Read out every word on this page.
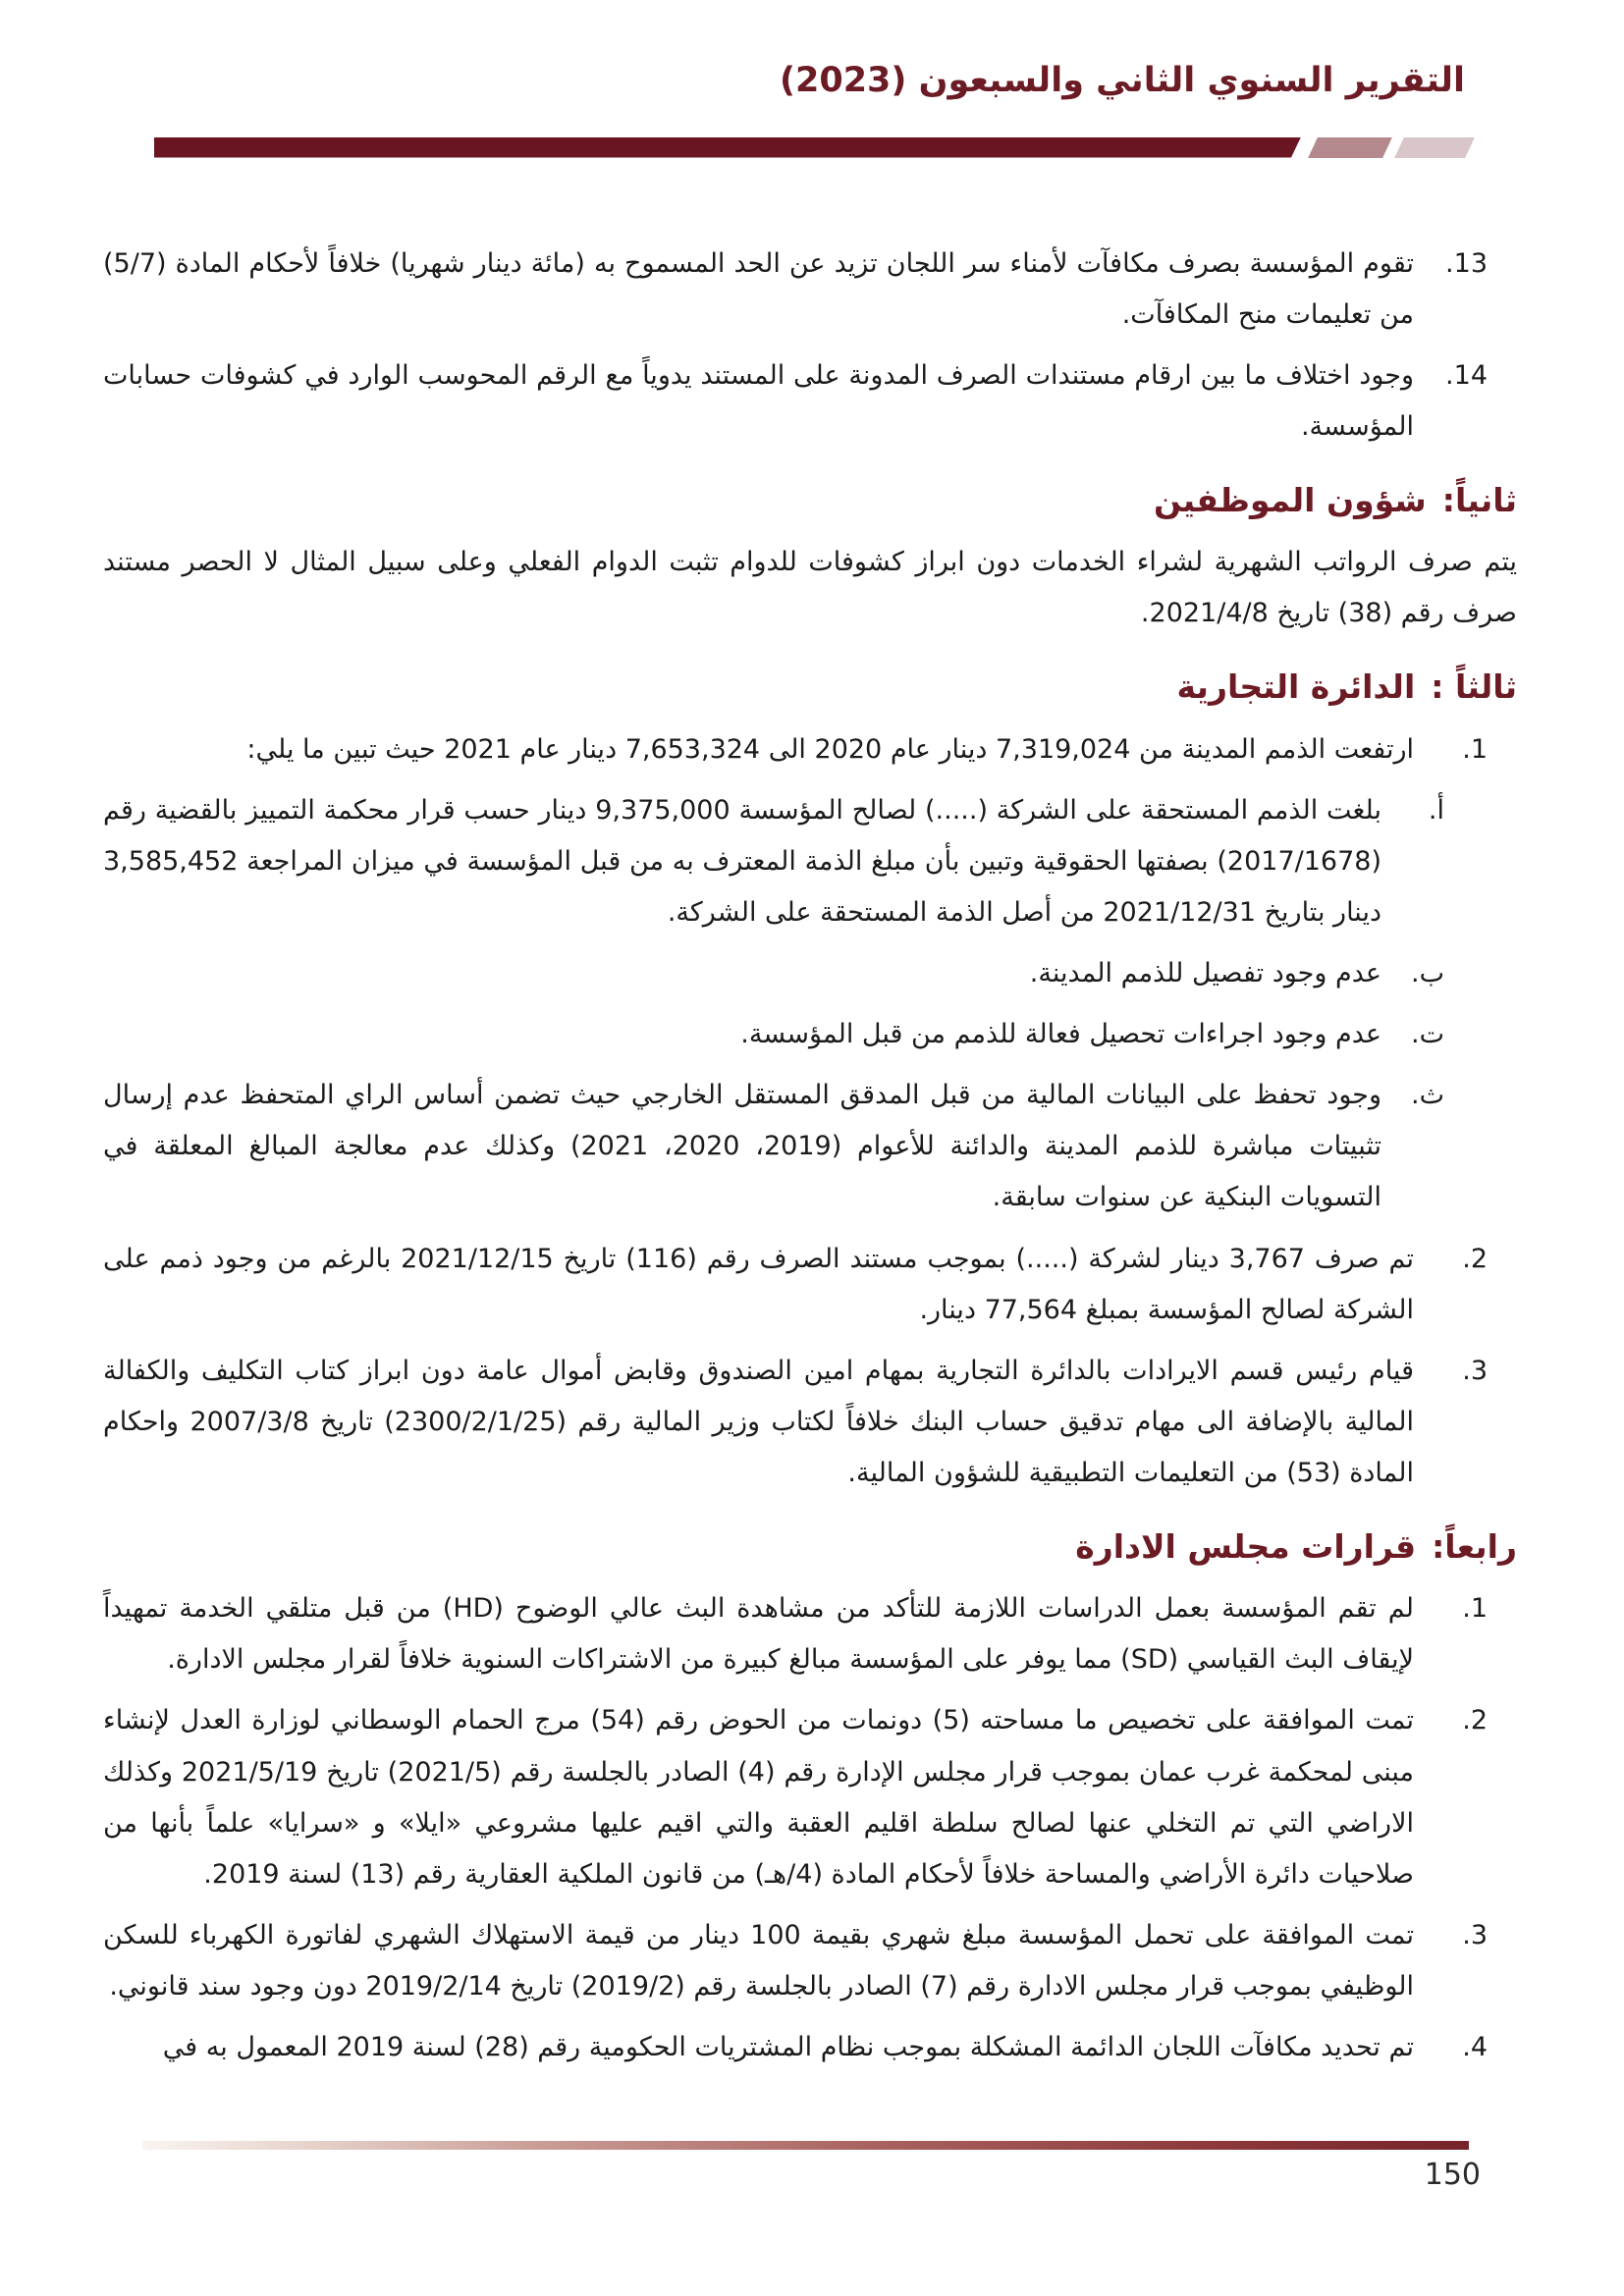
التقرير السنوي الثاني والسبعون (2023)
13.
تقوم المؤسسة بصرف مكافآت لأمناء سر اللجان تزيد عن الحد المسموح به (مائة دينار شهريا) خلافاً لأحكام المادة (5/7) من تعليمات منح المكافآت.
14.
وجود اختلاف ما بين ارقام مستندات الصرف المدونة على المستند يدوياً مع الرقم المحوسب الوارد في كشوفات حسابات المؤسسة.
ثانياً:
شؤون الموظفين

يتم صرف الرواتب الشهرية لشراء الخدمات دون ابراز كشوفات للدوام تثبت الدوام الفعلي وعلى سبيل المثال لا الحصر مستند صرف رقم (38) تاريخ 2021/4/8.

ثالثاً :
الدائرة التجارية
1.
ارتفعت الذمم المدينة من 7,319,024 دينار عام 2020 الى 7,653,324 دينار عام 2021 حيث تبين ما يلي:
أ.
بلغت الذمم المستحقة على الشركة (.....) لصالح المؤسسة 9,375,000 دينار حسب قرار محكمة التمييز بالقضية رقم (2017/1678) بصفتها الحقوقية وتبين بأن مبلغ الذمة المعترف به من قبل المؤسسة في ميزان المراجعة 3,585,452 دينار بتاريخ 2021/12/31 من أصل الذمة المستحقة على الشركة.
ب.
عدم وجود تفصيل للذمم المدينة.
ت.
عدم وجود اجراءات تحصيل فعالة للذمم من قبل المؤسسة.
ث.
وجود تحفظ على البيانات المالية من قبل المدقق المستقل الخارجي حيث تضمن أساس الراي المتحفظ عدم إرسال تثبيتات مباشرة للذمم المدينة والدائنة للأعوام (2019، 2020، 2021) وكذلك عدم معالجة المبالغ المعلقة في التسويات البنكية عن سنوات سابقة.
2.
تم صرف 3,767 دينار لشركة (.....) بموجب مستند الصرف رقم (116) تاريخ 2021/12/15 بالرغم من وجود ذمم على الشركة لصالح المؤسسة بمبلغ 77,564 دينار.
3.
قيام رئيس قسم الايرادات بالدائرة التجارية بمهام امين الصندوق وقابض أموال عامة دون ابراز كتاب التكليف والكفالة المالية بالإضافة الى مهام تدقيق حساب البنك خلافاً لكتاب وزير المالية رقم (2300/2/1/25) تاريخ 2007/3/8 واحكام المادة (53) من التعليمات التطبيقية للشؤون المالية.
رابعاً:
قرارات مجلس الادارة
1.
لم تقم المؤسسة بعمل الدراسات اللازمة للتأكد من مشاهدة البث عالي الوضوح (HD) من قبل متلقي الخدمة تمهيداً لإيقاف البث القياسي (SD) مما يوفر على المؤسسة مبالغ كبيرة من الاشتراكات السنوية خلافاً لقرار مجلس الادارة.
2.
تمت الموافقة على تخصيص ما مساحته (5) دونمات من الحوض رقم (54) مرج الحمام الوسطاني لوزارة العدل لإنشاء مبنى لمحكمة غرب عمان بموجب قرار مجلس الإدارة رقم (4) الصادر بالجلسة رقم (2021/5) تاريخ 2021/5/19 وكذلك الاراضي التي تم التخلي عنها لصالح سلطة اقليم العقبة والتي اقيم عليها مشروعي «ايلا» و «سرايا» علماً بأنها من صلاحيات دائرة الأراضي والمساحة خلافاً لأحكام المادة (4/هـ) من قانون الملكية العقارية رقم (13) لسنة 2019.
3.
تمت الموافقة على تحمل المؤسسة مبلغ شهري بقيمة 100 دينار من قيمة الاستهلاك الشهري لفاتورة الكهرباء للسكن الوظيفي بموجب قرار مجلس الادارة رقم (7) الصادر بالجلسة رقم (2019/2) تاريخ 2019/2/14 دون وجود سند قانوني.
4.
تم تحديد مكافآت اللجان الدائمة المشكلة بموجب نظام المشتريات الحكومية رقم (28) لسنة 2019 المعمول به في
150
